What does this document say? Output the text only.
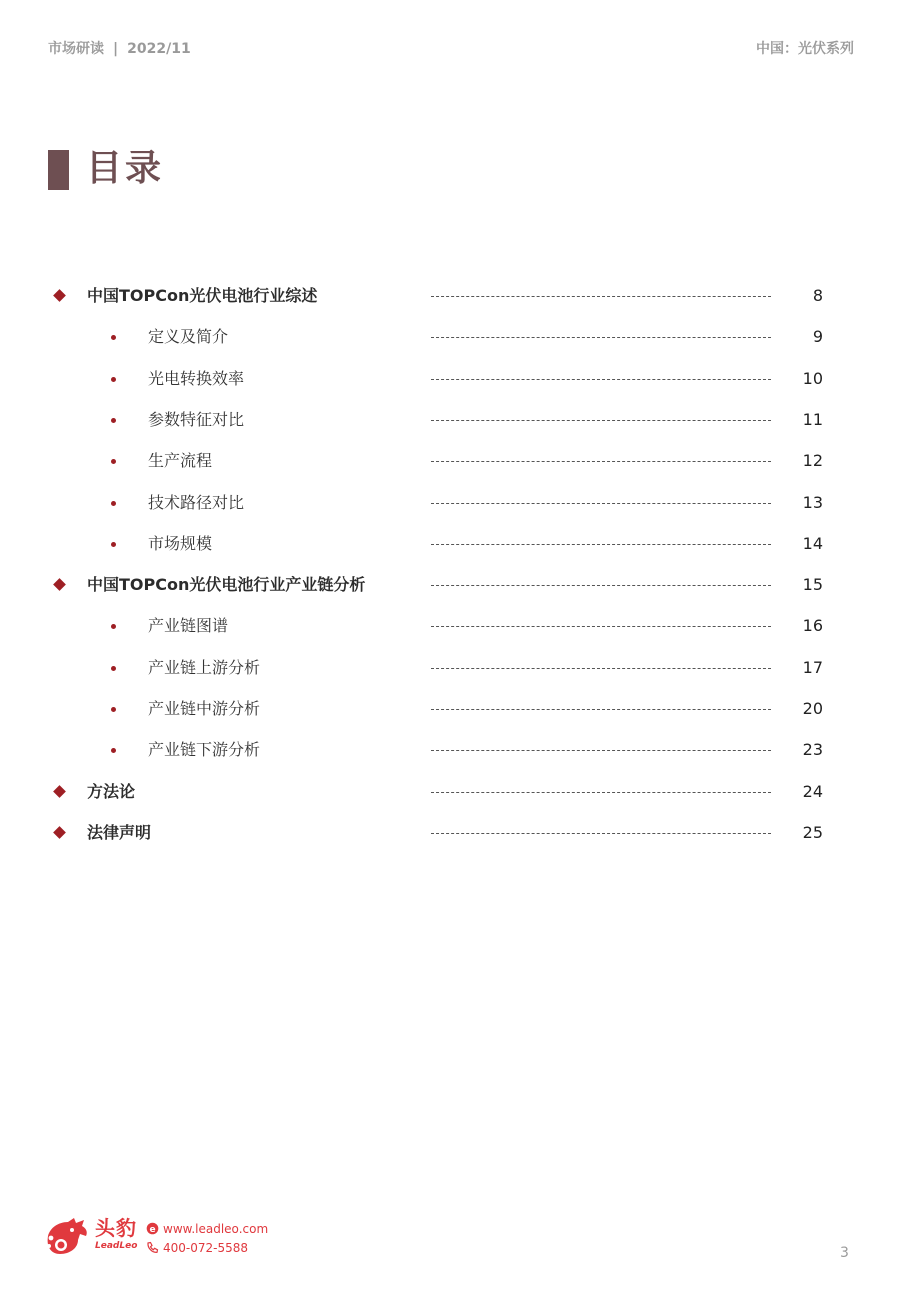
市场研读 | 2022/11	中国：光伏系列
目录
中国TOPCon光伏电池行业综述	8
定义及简介	9
光电转换效率	10
参数特征对比	11
生产流程	12
技术路径对比	13
市场规模	14
中国TOPCon光伏电池行业产业链分析	15
产业链图谱	16
产业链上游分析	17
产业链中游分析	20
产业链下游分析	23
方法论	24
法律声明	25
头豹
LeadLeo
e www.leadleo.com
400-072-5588	3
